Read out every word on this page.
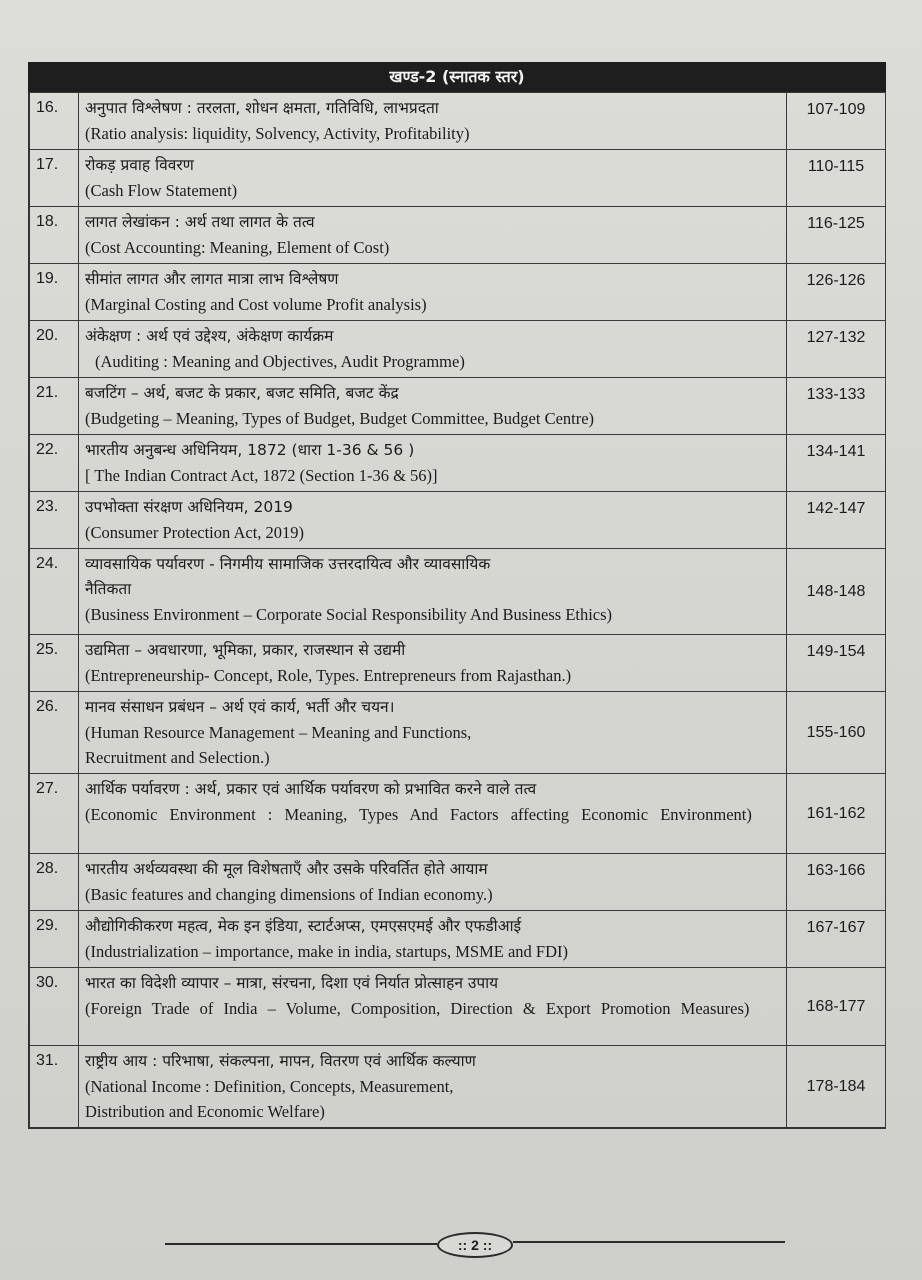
खण्ड-2 (स्नातक स्तर)
16.	अनुपात विश्लेषण : तरलता, शोधन क्षमता, गतिविधि, लाभप्रदता
(Ratio analysis: liquidity, Solvency, Activity, Profitability)	107-109
17.	रोकड़ प्रवाह विवरण
(Cash Flow Statement)	110-115
18.	लागत लेखांकन : अर्थ तथा लागत के तत्व
(Cost Accounting: Meaning, Element of Cost)	116-125
19.	सीमांत लागत और लागत मात्रा लाभ विश्लेषण
(Marginal Costing and Cost volume Profit analysis)	126-126
20.	अंकेक्षण : अर्थ एवं उद्देश्य, अंकेक्षण कार्यक्रम
(Auditing : Meaning and Objectives, Audit Programme)	127-132
21.	बजटिंग – अर्थ, बजट के प्रकार, बजट समिति, बजट केंद्र
(Budgeting – Meaning, Types of Budget, Budget Committee, Budget Centre)	133-133
22.	भारतीय अनुबन्ध अधिनियम, 1872 (धारा 1-36 & 56 )
[ The Indian Contract Act, 1872 (Section 1-36 & 56)]	134-141
23.	उपभोक्ता संरक्षण अधिनियम, 2019
(Consumer Protection Act, 2019)	142-147
24.	व्यावसायिक पर्यावरण - निगमीय सामाजिक उत्तरदायित्व और व्यावसायिक नैतिकता
(Business Environment – Corporate Social Responsibility And Business Ethics)	148-148
25.	उद्यमिता – अवधारणा, भूमिका, प्रकार, राजस्थान से उद्यमी
(Entrepreneurship- Concept, Role, Types. Entrepreneurs from Rajasthan.)	149-154
26.	मानव संसाधन प्रबंधन – अर्थ एवं कार्य, भर्ती और चयन।
(Human Resource Management – Meaning and Functions, Recruitment and Selection.)	155-160
27.	आर्थिक पर्यावरण : अर्थ, प्रकार एवं आर्थिक पर्यावरण को प्रभावित करने वाले तत्व
(Economic Environment : Meaning, Types And Factors affecting Economic Environment)	161-162
28.	भारतीय अर्थव्यवस्था की मूल विशेषताएँ और उसके परिवर्तित होते आयाम
(Basic features and changing dimensions of Indian economy.)	163-166
29.	औद्योगिकीकरण महत्व, मेक इन इंडिया, स्टार्टअप्स, एमएसएमई और एफडीआई
(Industrialization – importance, make in india, startups, MSME and FDI)	167-167
30.	भारत का विदेशी व्यापार – मात्रा, संरचना, दिशा एवं निर्यात प्रोत्साहन उपाय
(Foreign Trade of India – Volume, Composition, Direction & Export Promotion Measures)	168-177
31.	राष्ट्रीय आय : परिभाषा, संकल्पना, मापन, वितरण एवं आर्थिक कल्याण
(National Income : Definition, Concepts, Measurement, Distribution and Economic Welfare)	178-184
:: 2 ::
